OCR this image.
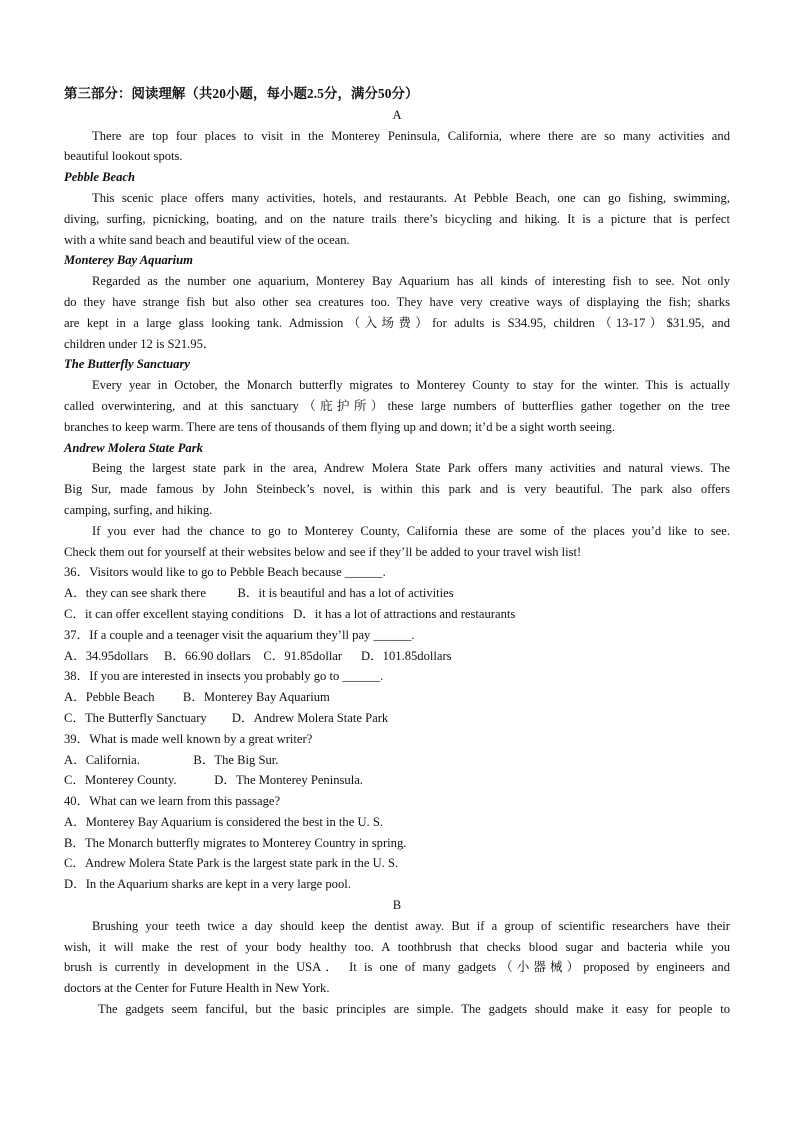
第三部分：阅读理解（共20小题，每小题2.5分，满分50分）
A
There are top four places to visit in the Monterey Peninsula, California, where there are so many activities and
beautiful lookout spots.
Pebble Beach
This scenic place offers many activities, hotels, and restaurants. At Pebble Beach, one can go fishing, swimming,
diving, surfing, picnicking, boating, and on the nature trails there’s bicycling and hiking. It is a picture that is perfect
with a white sand beach and beautiful view of the ocean.
Monterey Bay Aquarium
Regarded as the number one aquarium, Monterey Bay Aquarium has all kinds of interesting fish to see. Not only
do they have strange fish but also other sea creatures too. They have very creative ways of displaying the fish; sharks
are kept in a large glass looking tank. Admission（入场费）for adults is S34.95, children（13-17）$31.95, and
children under 12 is S21.95．
The Butterfly Sanctuary
Every year in October, the Monarch butterfly migrates to Monterey County to stay for the winter. This is actually
called overwintering, and at this sanctuary（庇护所）these large numbers of butterflies gather together on the tree
branches to keep warm. There are tens of thousands of them flying up and down; it’d be a sight worth seeing.
Andrew Molera State Park
Being the largest state park in the area, Andrew Molera State Park offers many activities and natural views. The
Big Sur, made famous by John Steinbeck’s novel, is within this park and is very beautiful. The park also offers
camping, surfing, and hiking.
If you ever had the chance to go to Monterey County, California these are some of the places you’d like to see.
Check them out for yourself at their websites below and see if they’ll be added to your travel wish list!
36．Visitors would like to go to Pebble Beach because ______.
A．they can see shark there          B．it is beautiful and has a lot of activities
C．it can offer excellent staying conditions   D．it has a lot of attractions and restaurants
37．If a couple and a teenager visit the aquarium they’ll pay ______.
A．34.95dollars     B．66.90 dollars    C．91.85dollar      D．101.85dollars
38．If you are interested in insects you probably go to ______.
A．Pebble Beach         B．Monterey Bay Aquarium
C．The Butterfly Sanctuary        D．Andrew Molera State Park
39．What is made well known by a great writer?
A．California.                 B．The Big Sur.
C．Monterey County.            D．The Monterey Peninsula.
40．What can we learn from this passage?
A．Monterey Bay Aquarium is considered the best in the U. S.
B．The Monarch butterfly migrates to Monterey Country in spring.
C．Andrew Molera State Park is the largest state park in the U. S.
D．In the Aquarium sharks are kept in a very large pool.
B
Brushing your teeth twice a day should keep the dentist away. But if a group of scientific researchers have their
wish, it will make the rest of your body healthy too. A toothbrush that checks blood sugar and bacteria while you
brush is currently in development in the USA． It is one of many gadgets（小器械）proposed by engineers and
doctors at the Center for Future Health in New York.
The gadgets seem fanciful, but the basic principles are simple. The gadgets should make it easy for people to
